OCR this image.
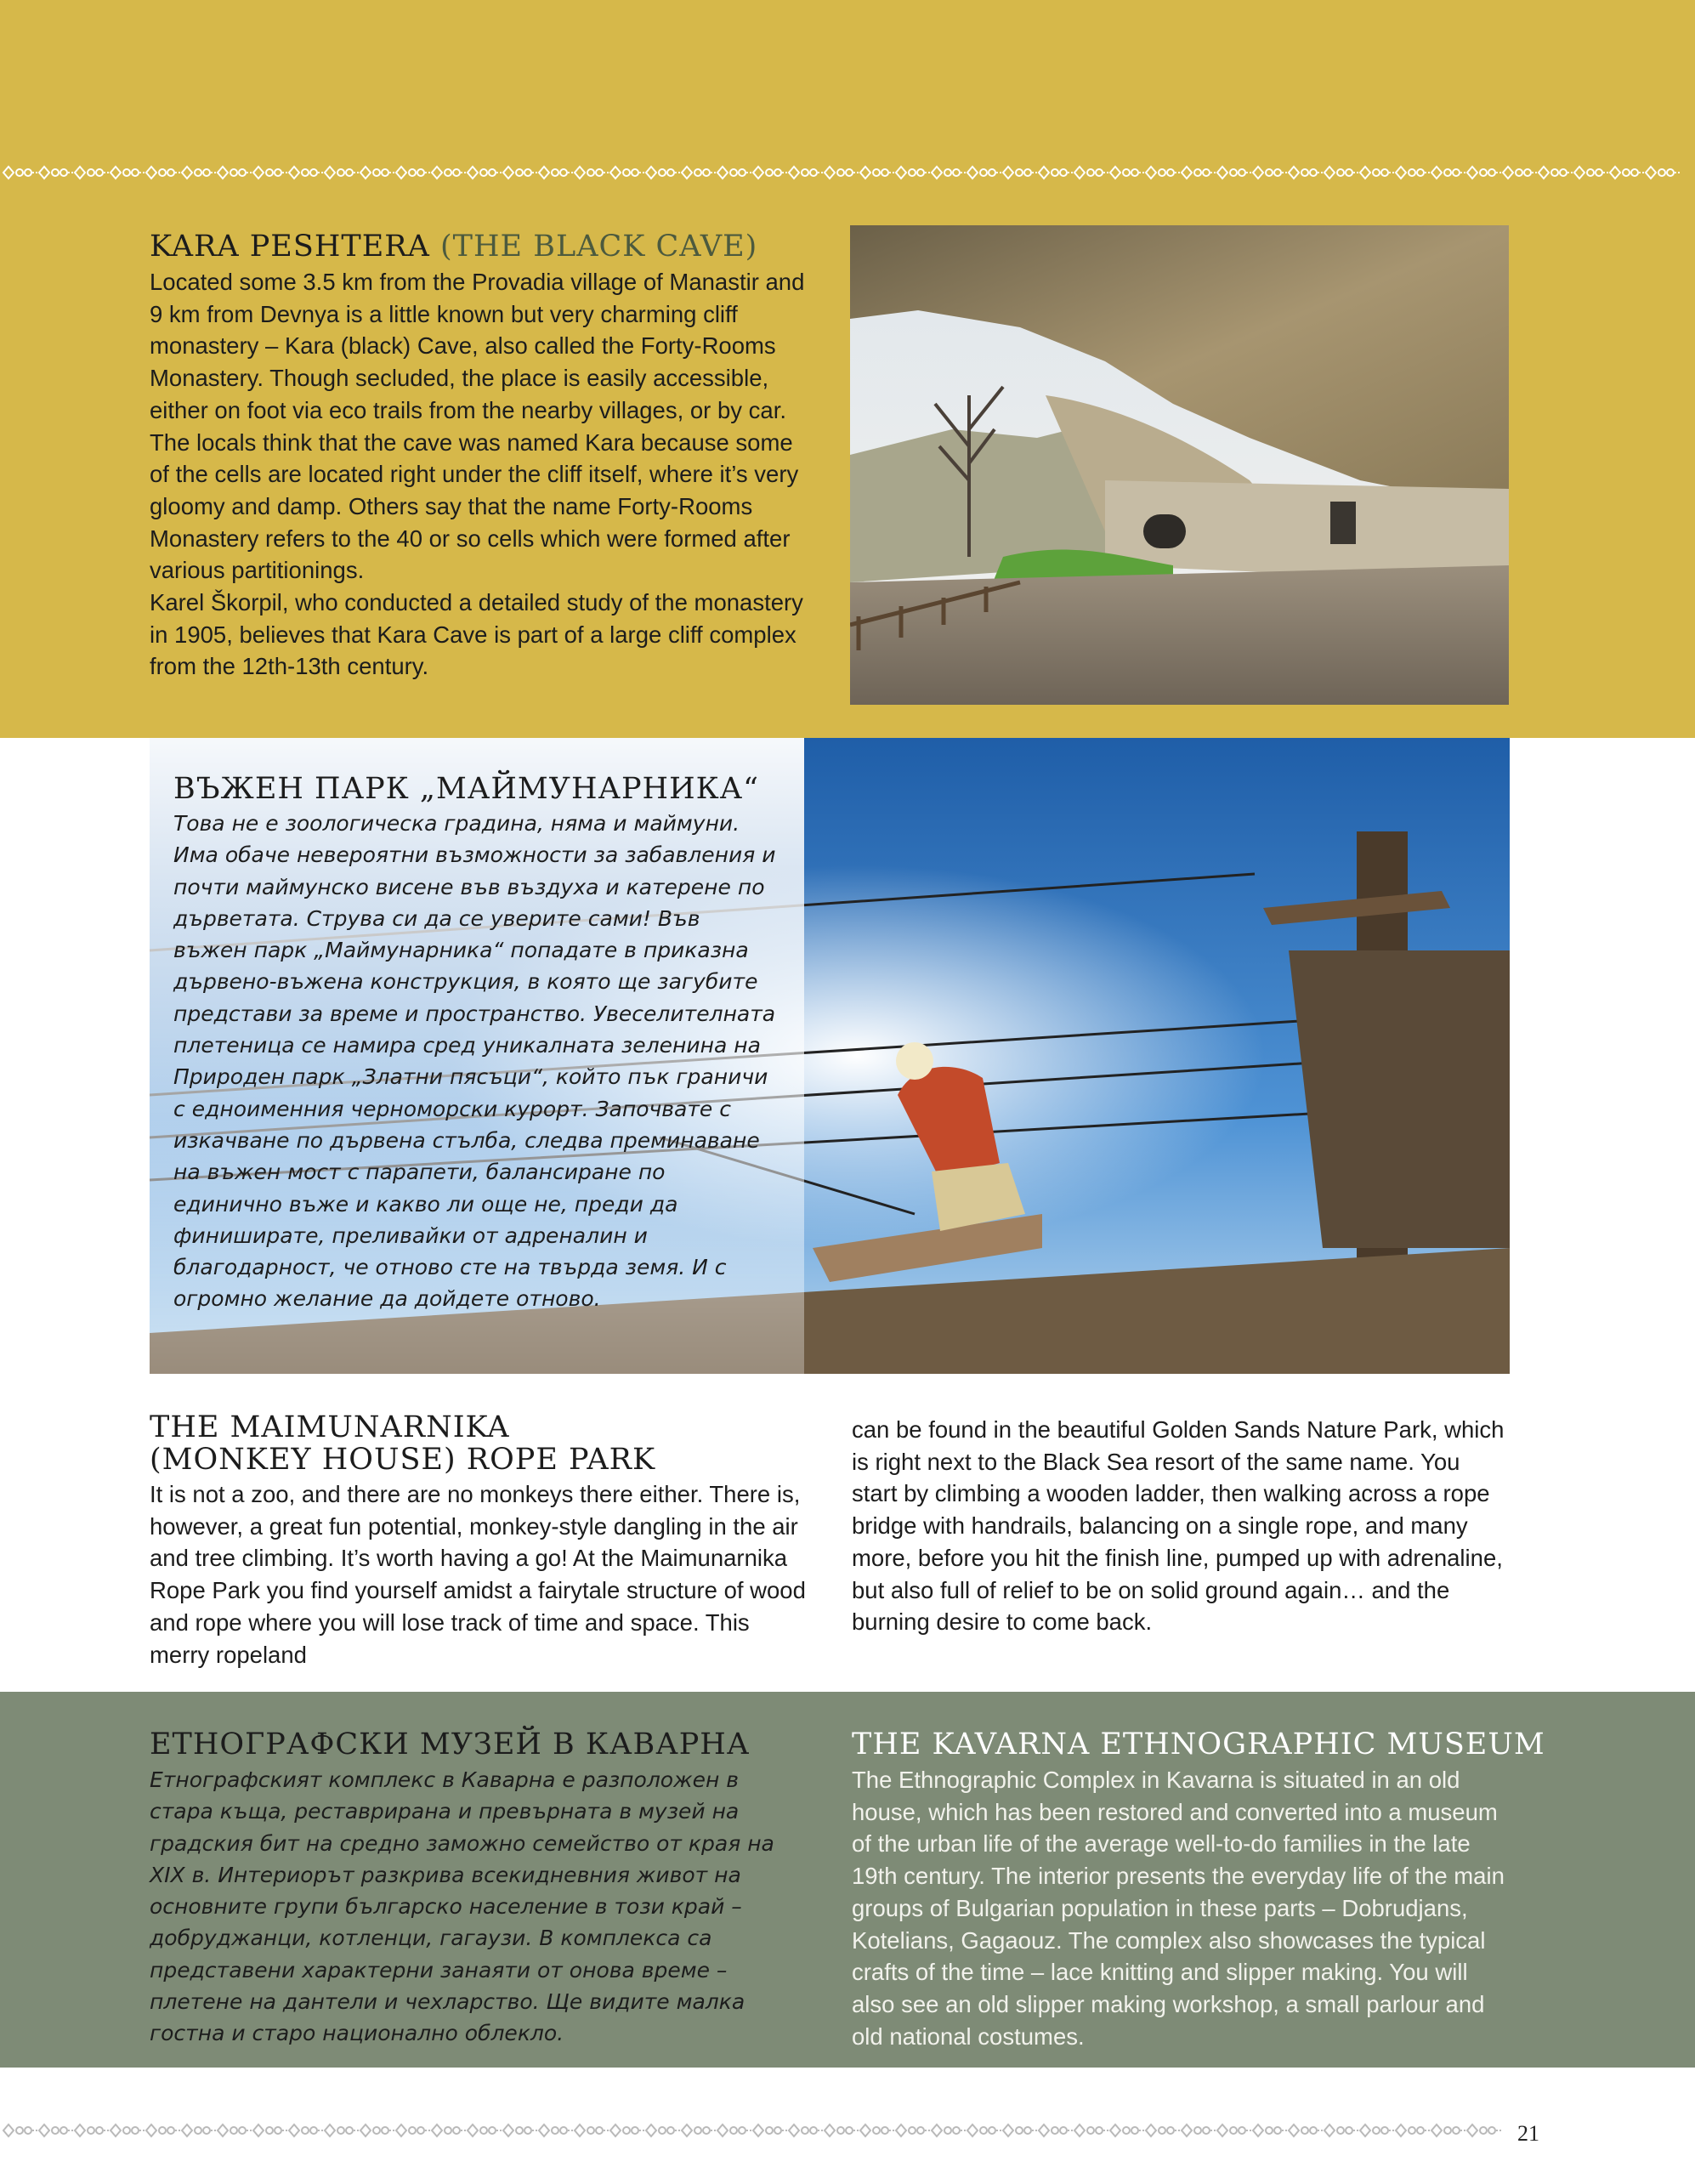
KARA PESHTERA (THE BLACK CAVE)

Located some 3.5 km from the Provadia village of Manastir and 9 km from Devnya is a little known but very charming cliff monastery – Kara (black) Cave, also called the Forty-Rooms Monastery. Though secluded, the place is easily accessible, either on foot via eco trails from the nearby villages, or by car.

The locals think that the cave was named Kara because some of the cells are located right under the cliff itself, where it’s very gloomy and damp. Others say that the name Forty-Rooms Monastery refers to the 40 or so cells which were formed after various partitionings.

Karel Škorpil, who conducted a detailed study of the monastery in 1905, believes that Kara Cave is part of a large cliff complex from the 12th-13th century.

ВЪЖЕН ПАРК „МАЙМУНАРНИКА“
Това не е зоологическа градина, няма и маймуни. Има обаче невероятни възможности за забавления и почти маймунско висене във въздуха и катерене по дърветата. Струва си да се уверите сами! Във въжен парк „Маймунарника“ попадате в приказна дървено-въжена конструкция, в която ще загубите представи за време и пространство. Увеселителната плетеница се намира сред уникалната зеленина на Природен парк „Златни пясъци“, който пък граничи с едноименния черноморски курорт. Започвате с изкачване по дървена стълба, следва преминаване на въжен мост с парапети, балансиране по единично въже и какво ли още не, преди да финиширате, преливайки от адреналин и благодарност, че отново сте на твърда земя. И с огромно желание да дойдете отново.
THE MAIMUNARNIKA
(MONKEY HOUSE) ROPE PARK
It is not a zoo, and there are no monkeys there either. There is, however, a great fun potential, monkey-style dangling in the air and tree climbing. It’s worth having a go! At the Maimunarnika Rope Park you find yourself amidst a fairytale structure of wood and rope where you will lose track of time and space. This merry ropeland
can be found in the beautiful Golden Sands Nature Park, which is right next to the Black Sea resort of the same name. You start by climbing a wooden ladder, then walking across a rope bridge with handrails, balancing on a single rope, and many more, before you hit the finish line, pumped up with adrenaline, but also full of relief to be on solid ground again… and the burning desire to come back.
ЕТНОГРАФСКИ МУЗЕЙ В КАВАРНА
Етнографският комплекс в Каварна е разположен в стара къща, реставрирана и превърната в музей на градския бит на средно заможно семейство от края на XIX в. Интериорът разкрива всекидневния живот на основните групи българско население в този край – добруджанци, котленци, гагаузи. В комплекса са представени характерни занаяти от онова време – плетене на дантели и чехларство. Ще видите малка гостна и старо национално облекло.
THE KAVARNA ETHNOGRAPHIC MUSEUM
The Ethnographic Complex in Kavarna is situated in an old house, which has been restored and converted into a museum of the urban life of the average well-to-do families in the late 19th century. The interior presents the everyday life of the main groups of Bulgarian population in these parts – Dobrudjans, Kotelians, Gagaouz. The complex also showcases the typical crafts of the time – lace knitting and slipper making. You will also see an old slipper making workshop, a small parlour and old national costumes.
21
